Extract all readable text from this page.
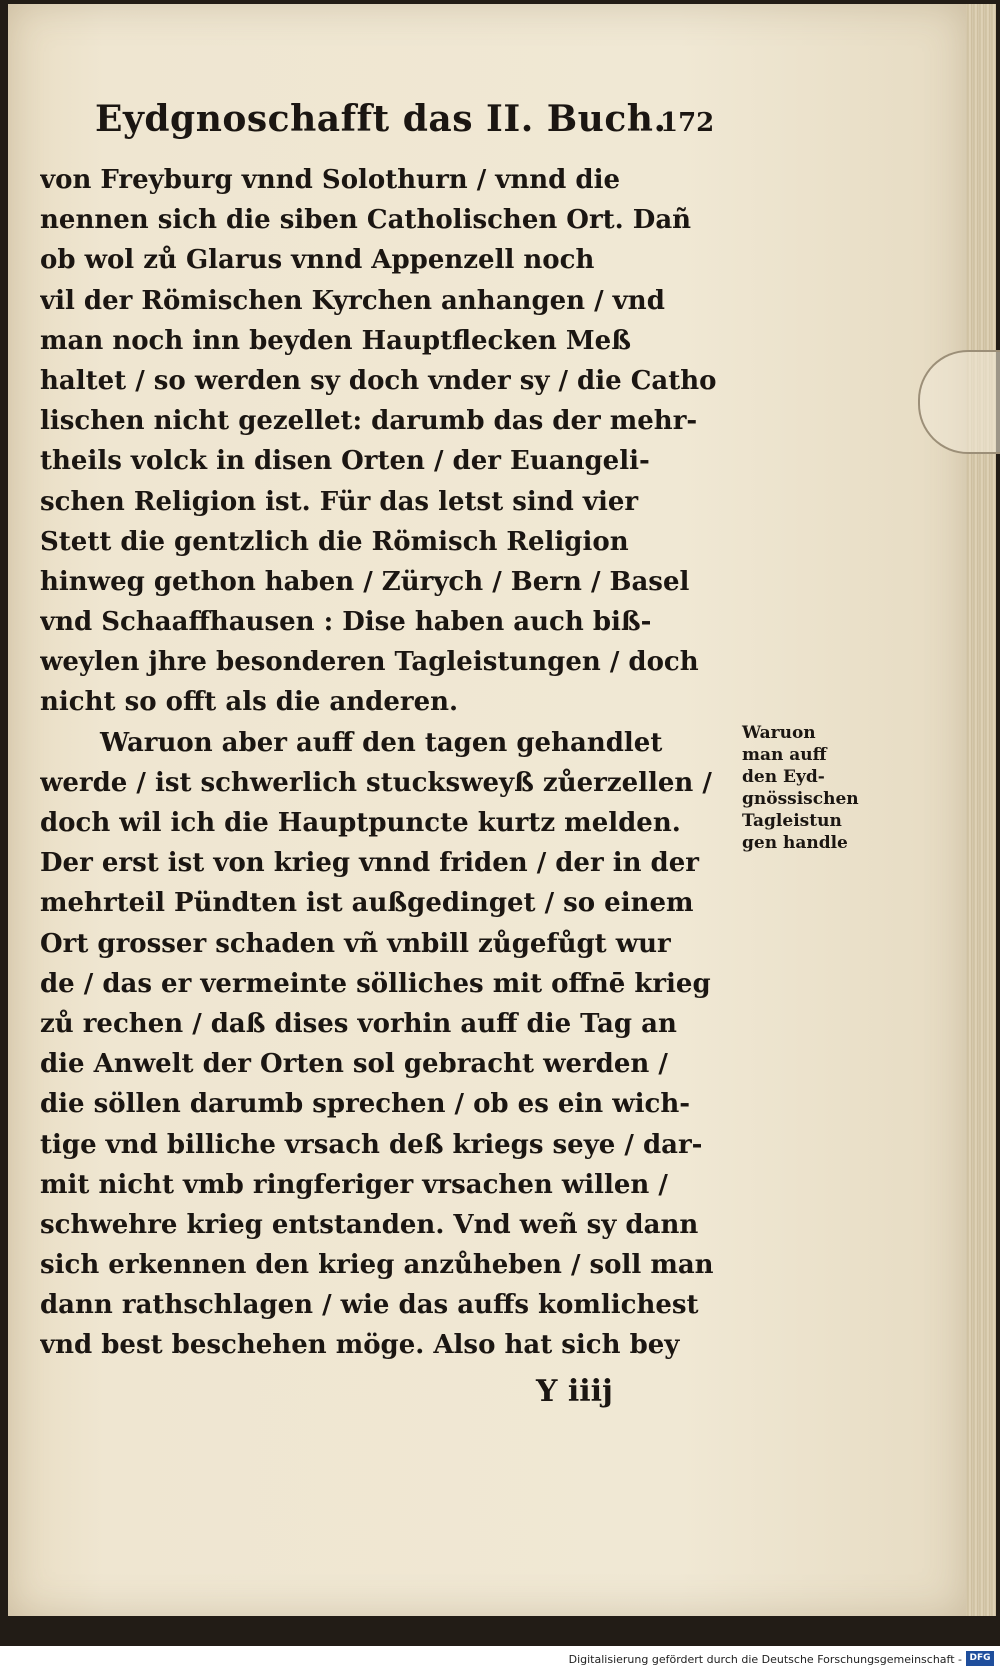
Eydgnoschafft das II. Buch.
172
von Freyburg vnnd Solothurn / vnnd die
nennen sich die siben Catholischen Ort. Dañ
ob wol zů Glarus vnnd Appenzell noch
vil der Römischen Kyrchen anhangen / vnd
man noch inn beyden Hauptflecken Meß
haltet / so werden sy doch vnder sy / die Catho
lischen nicht gezellet: darumb das der mehr-
theils volck in disen Orten / der Euangeli-
schen Religion ist. Für das letst sind vier
Stett die gentzlich die Römisch Religion
hinweg gethon haben / Zürych / Bern / Basel
vnd Schaaffhausen : Dise haben auch biß-
weylen jhre besonderen Tagleistungen / doch
nicht so offt als die anderen.
Waruon aber auff den tagen gehandlet
werde / ist schwerlich stucksweyß zůerzellen /
doch wil ich die Hauptpuncte kurtz melden.
Der erst ist von krieg vnnd friden / der in der
mehrteil Pündten ist außgedinget / so einem
Ort grosser schaden vñ vnbill zůgefůgt wur
de / das er vermeinte sölliches mit offnē krieg
zů rechen / daß dises vorhin auff die Tag an
die Anwelt der Orten sol gebracht werden /
die söllen darumb sprechen / ob es ein wich-
tige vnd billiche vrsach deß kriegs seye / dar-
mit nicht vmb ringferiger vrsachen willen /
schwehre krieg entstanden. Vnd weñ sy dann
sich erkennen den krieg anzůheben / soll man
dann rathschlagen / wie das auffs komlichest
vnd best beschehen möge. Also hat sich bey
Waruon
man auff
den Eyd-
gnössischen
Tagleistun
gen handle
Y iiij
Digitalisierung gefördert durch die Deutsche Forschungsgemeinschaft - DFG
